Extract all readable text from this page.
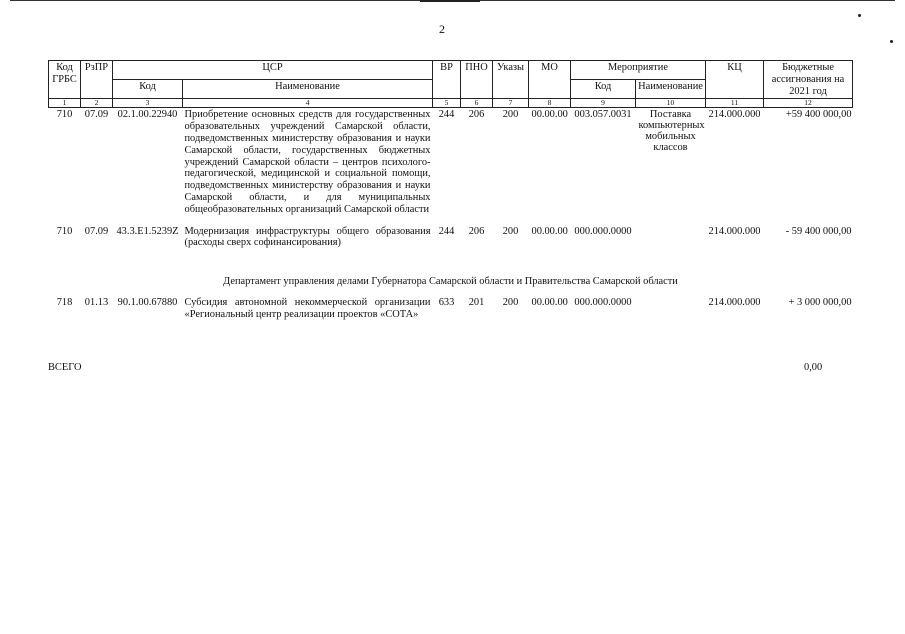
2
Код ГРБС	РзПР	ЦСР		ВР	ПНО	Указы	МО	Мероприятие		КЦ	Бюджетные ассигнования на 2021 год
		Код	Наименование					Код	Наименование		
1	2	3	4	5	6	7	8	9	10	11	12
710	07.09	02.1.00.22940	Приобретение основных средств для государственных образовательных учреждений Самарской области, подведомственных министерству образования и науки Самарской области, государственных бюджетных учреждений Самарской области – центров психолого-педагогической, медицинской и социальной помощи, подведомственных министерству образования и науки Самарской области, и для муниципальных общеобразовательных организаций Самарской области	244	206	200	00.00.00	003.057.0031	Поставка компьютерных мобильных классов	214.000.000	+59 400 000,00

710	07.09	43.3.E1.5239Z	Модернизация инфраструктуры общего образования (расходы сверх софинансирования)	244	206	200	00.00.00	000.000.0000		214.000.000	- 59 400 000,00
Департамент управления делами Губернатора Самарской области и Правительства Самарской области											
718	01.13	90.1.00.67880	Субсидия автономной некоммерческой организации «Региональный центр реализации проектов «СОТА»	633	201	200	00.00.00	000.000.0000		214.000.000	+ 3 000 000,00
ВСЕГО	0,00
